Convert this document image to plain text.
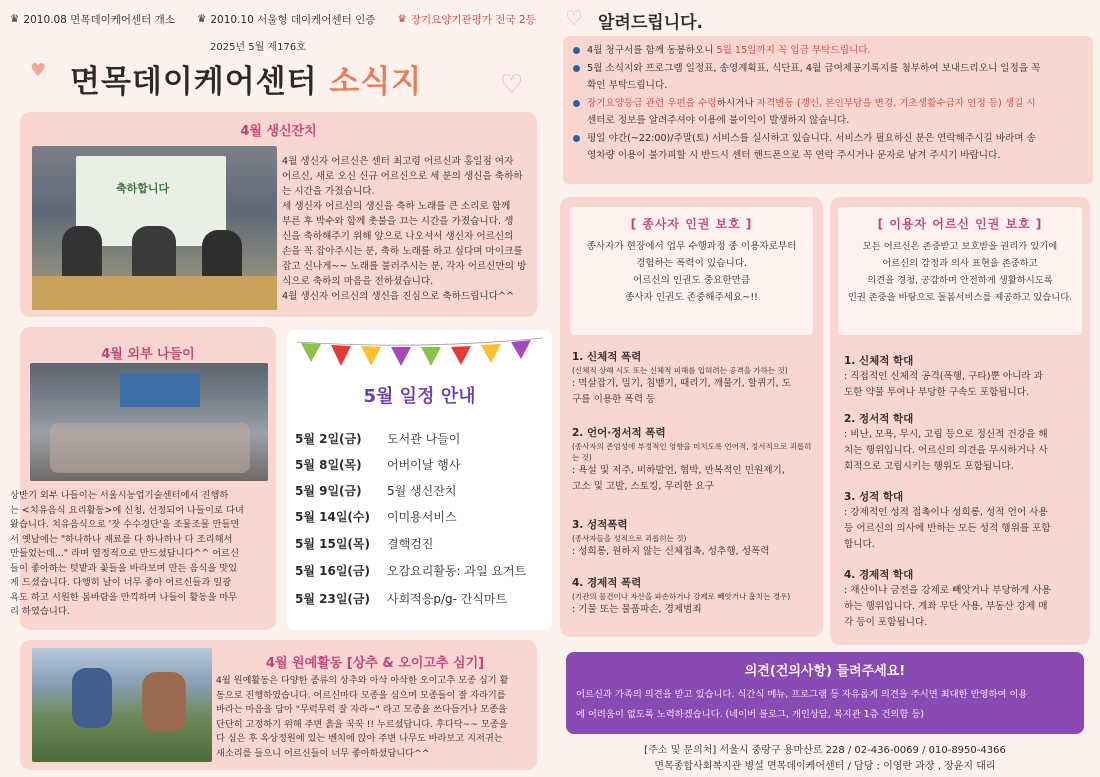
♛ 2010.08 면목데이케어센터 개소 ♛ 2010.10 서울형 데이케어센터 인증 ♛ 장기요양기관평가 전국 2등
2025년 5월 제176호
♥	♡
면목데이케어센터 소식지
4월 생신잔치
축하합니다
4월 생신자 어르신은 센터 최고령 어르신과 홍일점 여자
어르신, 새로 오신 신규 어르신으로 세 분의 생신을 축하하
는 시간을 가졌습니다.
세 생신자 어르신의 생신을 축하 노래를 큰 소리로 함께
부른 후 박수와 함께 촛불을 끄는 시간을 가졌습니다. 생
신을 축하해주기 위해 앞으로 나오셔서 생신자 어르신의
손을 꼭 잡아주시는 분, 축하 노래를 하고 싶다며 마이크를
잡고 신나게~~ 노래를 불러주시는 분, 각자 어르신만의 방
식으로 축하의 마음을 전하셨습니다.
4월 생신자 어르신의 생신을 진심으로 축하드립니다^^
4월 외부 나들이
상반기 외부 나들이는 서울시농업기술센터에서 진행하
는 <치유음식 요리활동>에 신청, 선정되어 나들이로 다녀
왔습니다. 치유음식으로 '잣 수수경단'을 조물조물 만들면
서 옛날에는 "하나하나 재료를 다 하나하나 다 조리해서
만들었는데..." 라며 열정적으로 만드셨답니다^^ 어르신
들이 좋아하는 텃밭과 꽃들을 바라보며 만든 음식을 맛있
게 드셨습니다. 다행히 날이 너무 좋아 어르신들과 일광
욕도 하고 시원한 봄바람을 만끽하며 나들이 활동을 마무
리 하였습니다.
5월 일정 안내
5월 2일(금)	도서관 나들이
5월 8일(목)	어버이날 행사
5월 9일(금)	5월 생신잔치
5월 14일(수)	이미용서비스
5월 15일(목)	결핵검진
5월 16일(금)	오감요리활동: 과일 요거트
5월 23일(금)	사회적응p/g- 간식마트
4월 원예활동 [상추 & 오이고추 심기]
4월 원예활동은 다양한 종류의 상추와 아삭 아삭한 오이고추 모종 심기 활
동으로 진행하였습니다. 어르신마다 모종을 심으며 모종들이 잘 자라기를
바라는 마음을 담아 "무럭무럭 잘 자라~" 라고 모종을 쓰다듬거나 모종을
단단히 고정하기 위해 주변 흙을 꾹꾹 !! 누르셨답니다. 후다닥~~ 모종을
다 심은 후 옥상정원에 있는 벤치에 앉아 주변 나무도 바라보고 지저귀는
새소리를 들으니 어르신들이 너무 좋아하셨답니다^^
♡ 알려드립니다.
4월 청구서를 함께 동봉하오니 5월 15일까지 꼭 입금 부탁드립니다.
5월 소식지와 프로그램 일정표, 송영계획표, 식단표, 4월 급여제공기록지를 첨부하여 보내드리오니 일정을 꼭
확인 부탁드립니다.
장기요양등급 관련 우편을 수령하시거나 자격변동 (갱신, 본인부담을 변경, 기초생활수급자 인정 등) 생길 시
센터로 정보를 알려주셔야 이용에 불이익이 발생하지 않습니다.
평일 야간(~22:00)/주말(토) 서비스를 실시하고 있습니다. 서비스가 필요하신 분은 연락해주시길 바라며 송
영차량 이용이 불가피할 시 반드시 센터 핸드폰으로 꼭 연락 주시거나 문자로 남겨 주시기 바랍니다.
[ 종사자 인권 보호 ]
종사자가 현장에서 업무 수행과정 중 이용자로부터
경험하는 폭력이 있습니다.
어르신의 인권도 중요한만큼
종사자 인권도 존중해주세요~!!
1. 신체적 폭력
(신체적 상해 시도 또는 신체적 피해를 입혀려는 공격을 가하는 것)

: 멱살잡기, 밀기, 침뱉기, 때리기, 깨물기, 할퀴기, 도

구를 이용한 폭력 등

2. 언어·정서적 폭력
(종사자의 존엄성에 부정적인 영향을 미치도록 언어적, 정서적으로 괴롭히는 것)

: 욕설 및 저주, 비하발언, 협박, 반복적인 민원제기,

고소 및 고발, 스토킹, 무리한 요구

3. 성적폭력
(종사자들을 성적으로 괴롭히는 것)

: 성희롱, 원하지 않는 신체접촉, 성추행, 성폭력

4. 경제적 폭력
(기관의 물건이나 자산을 파손하거나 강제로 빼앗거나 훔치는 경우)

: 기물 또는 물품파손, 경제범죄

[ 이용자 어르신 인권 보호 ]
모든 어르신은 존중받고 보호받을 권리가 있기에
어르신의 감정과 의사 표현을 존중하고
의견을 경청, 공감하며 안전하게 생활하시도록
인권 존중을 바탕으로 돌봄서비스를 제공하고 있습니다.
1. 신체적 학대

: 직접적인 신체적 공격(폭행, 구타)뿐 아니라 과

도한 약물 투여나 부당한 구속도 포함됩니다.

2. 정서적 학대

: 비난, 모욕, 무시, 고립 등으로 정신적 건강을 해

치는 행위입니다. 어르신의 의견을 무시하거나 사

회적으로 고립시키는 행위도 포함됩니다.

3. 성적 학대

: 강제적인 성적 접촉이나 성희롱, 성적 언어 사용

등 어르신의 의사에 반하는 모든 성적 행위를 포함

합니다.

4. 경제적 학대

: 재산이나 금전을 강제로 빼앗거나 부당하게 사용

하는 행위입니다. 계좌 무단 사용, 부동산 강제 매

각 등이 포함됩니다.

의견(건의사항) 들려주세요!
어르신과 가족의 의견을 받고 있습니다. 식간식 메뉴, 프로그램 등 자유롭게 의견을 주시면 최대한 반영하여 이용
에 어려움이 없도록 노력하겠습니다. (네이버 블로그, 개인상담, 복지관 1층 건의함 등)
[주소 및 문의처] 서울시 중랑구 용마산로 228 / 02-436-0069 / 010-8950-4366
면목종합사회복지관 병설 면목데이케어센터 / 담당 : 이영란 과장 , 장윤지 대리
